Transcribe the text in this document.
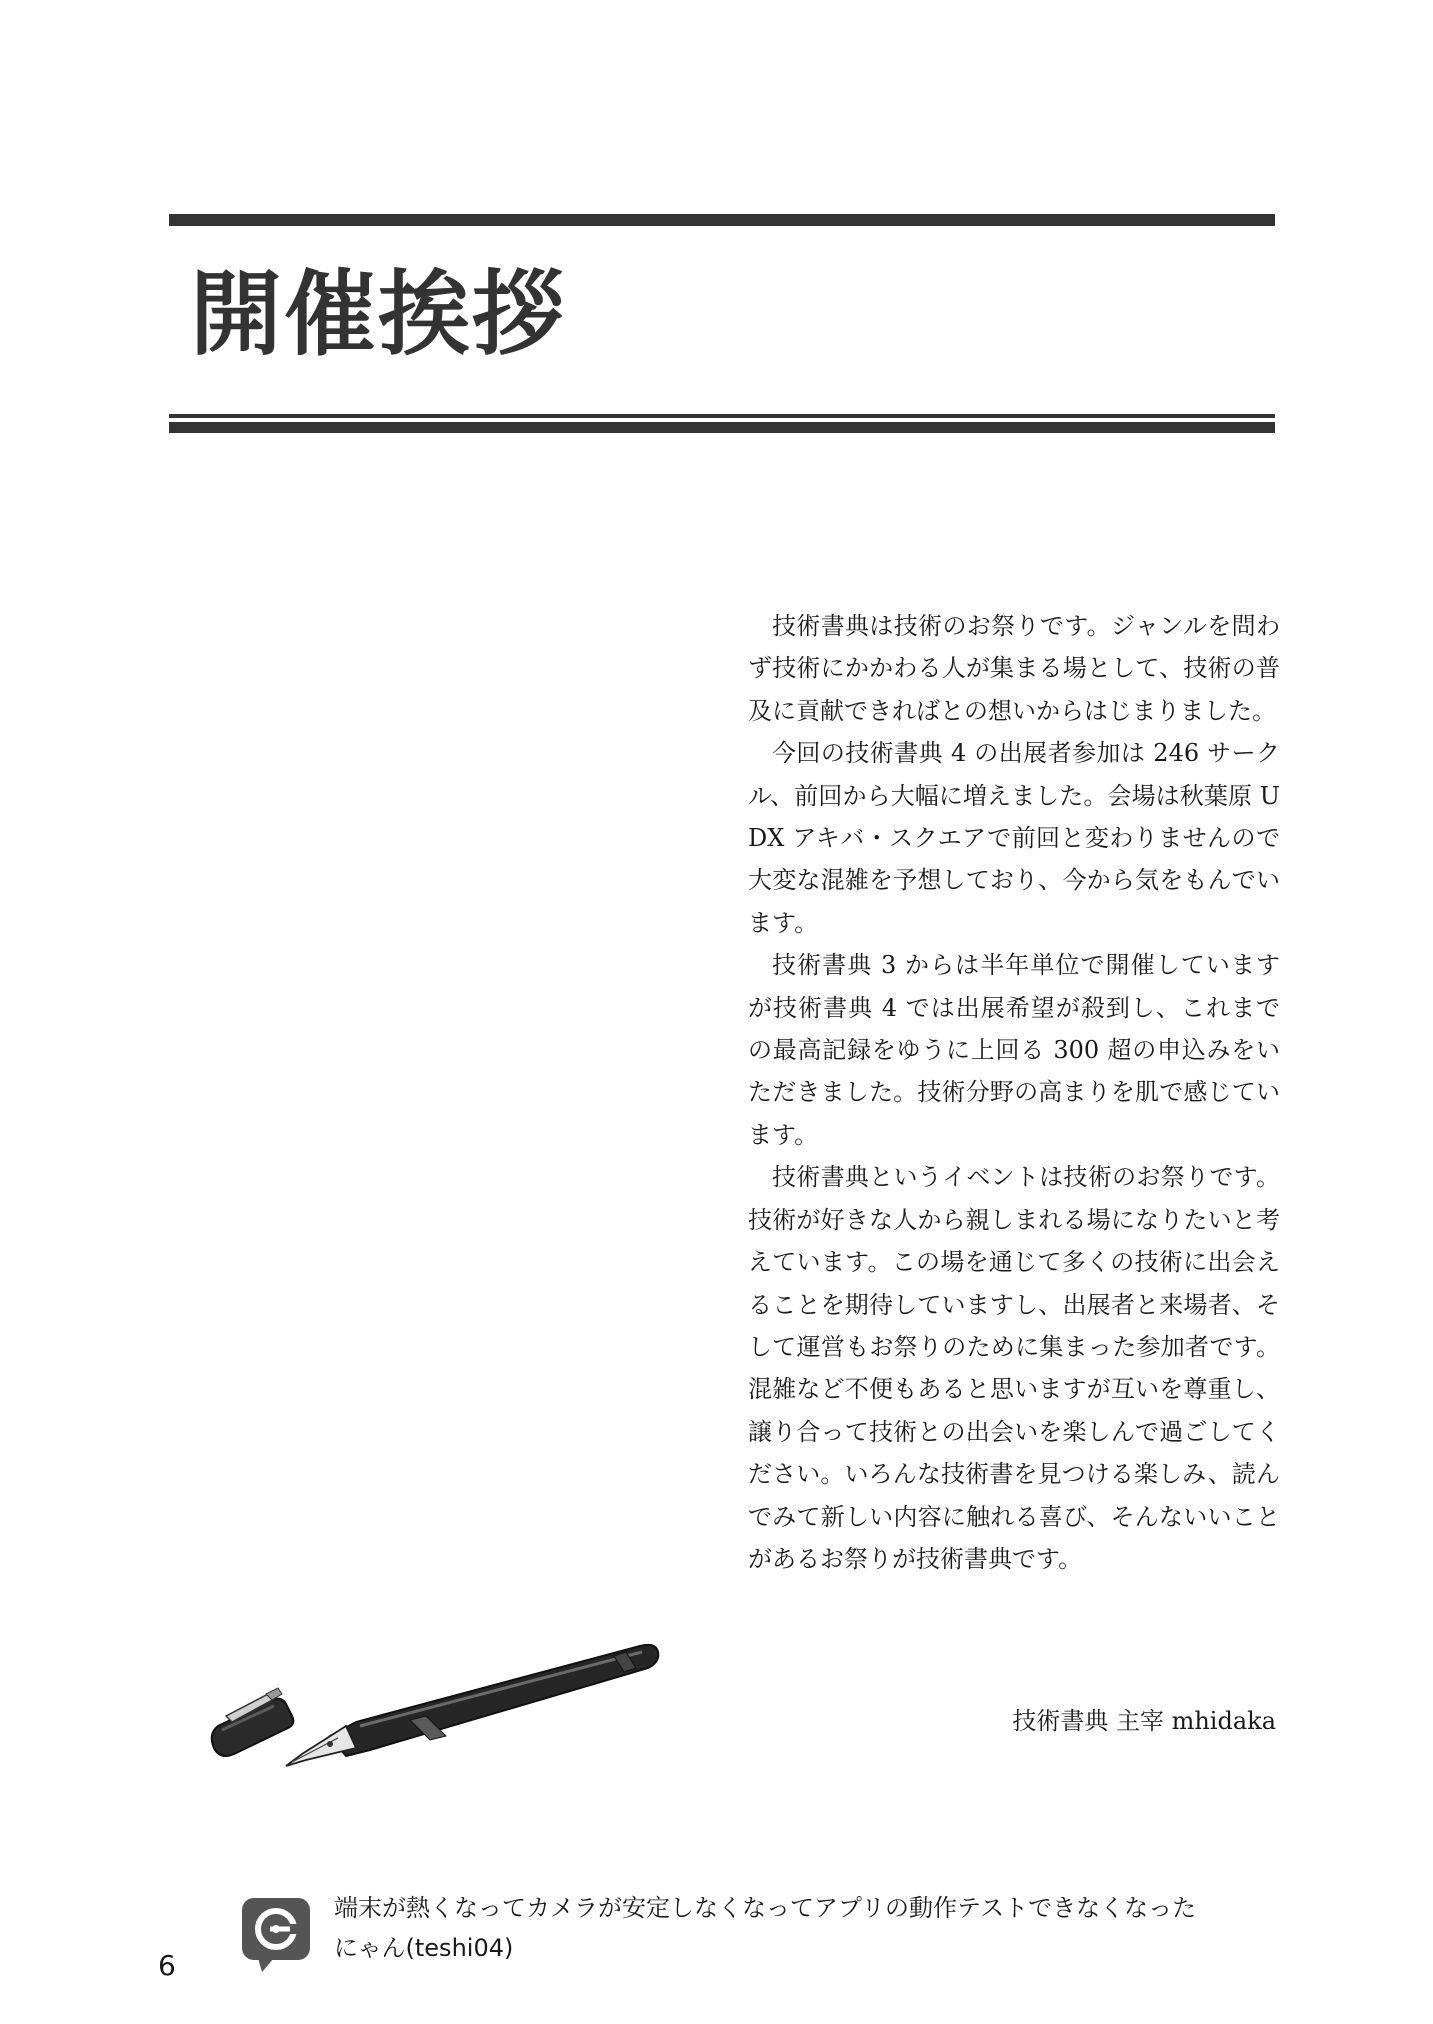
開催挨拶

技術書典は技術のお祭りです。ジャンルを問わず技術にかかわる人が集まる場として、技術の普及に貢献できればとの想いからはじまりました。

今回の技術書典 4 の出展者参加は 246 サークル、前回から大幅に増えました。会場は秋葉原 UDX アキバ・スクエアで前回と変わりませんので大変な混雑を予想しており、今から気をもんでいます。

技術書典 3 からは半年単位で開催していますが技術書典 4 では出展希望が殺到し、これまでの最高記録をゆうに上回る 300 超の申込みをいただきました。技術分野の高まりを肌で感じています。

技術書典というイベントは技術のお祭りです。技術が好きな人から親しまれる場になりたいと考えています。この場を通じて多くの技術に出会えることを期待していますし、出展者と来場者、そして運営もお祭りのために集まった参加者です。混雑など不便もあると思いますが互いを尊重し、譲り合って技術との出会いを楽しんで過ごしてください。いろんな技術書を見つける楽しみ、読んでみて新しい内容に触れる喜び、そんないいことがあるお祭りが技術書典です。

技術書典 主宰 mhidaka
端末が熱くなってカメラが安定しなくなってアプリの動作テストできなくなった
にゃん(teshi04)
6
